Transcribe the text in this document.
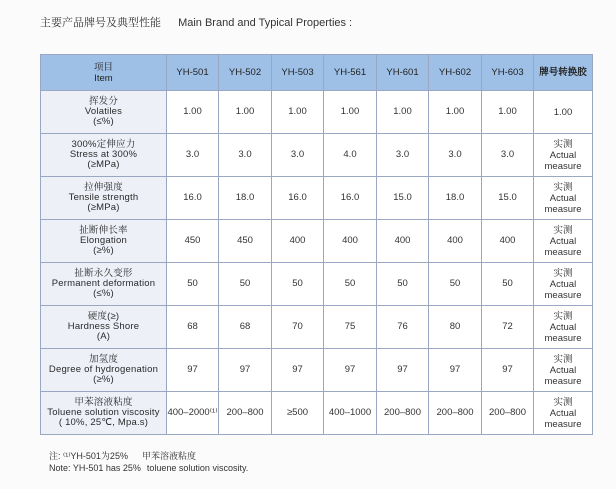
主要产品牌号及典型性能 Main Brand and Typical Properties :
项目
Item	YH-501	YH-502	YH-503	YH-561	YH-601	YH-602	YH-603	牌号转换胶

挥发分
Volatiles
(≤%)	1.00	1.00	1.00	1.00	1.00	1.00	1.00	1.00

300%定伸应力
Stress at 300%
(≥MPa)	3.0	3.0	3.0	4.0	3.0	3.0	3.0	实测
Actual measure

拉伸强度
Tensile strength
(≥MPa)	16.0	18.0	16.0	16.0	15.0	18.0	15.0	实测
Actual measure

扯断伸长率
Elongation
(≥%)	450	450	400	400	400	400	400	实测
Actual measure

扯断永久变形
Permanent deformation
(≤%)	50	50	50	50	50	50	50	实测
Actual measure

硬度(≥)
Hardness Shore
(A)	68	68	70	75	76	80	72	实测
Actual measure

加氢度
Degree of hydrogenation
(≥%)	97	97	97	97	97	97	97	实测
Actual measure

甲苯溶液粘度
Toluene solution viscosity
( 10%, 25℃, Mpa.s)	400–2000⁽¹⁾	200–800	≥500	400–1000	200–800	200–800	200–800	实测
Actual measure
注: ⁽¹⁾YH-501为25% 甲苯溶液粘度
Note: YH-501 has 25% toluene solution viscosity.
